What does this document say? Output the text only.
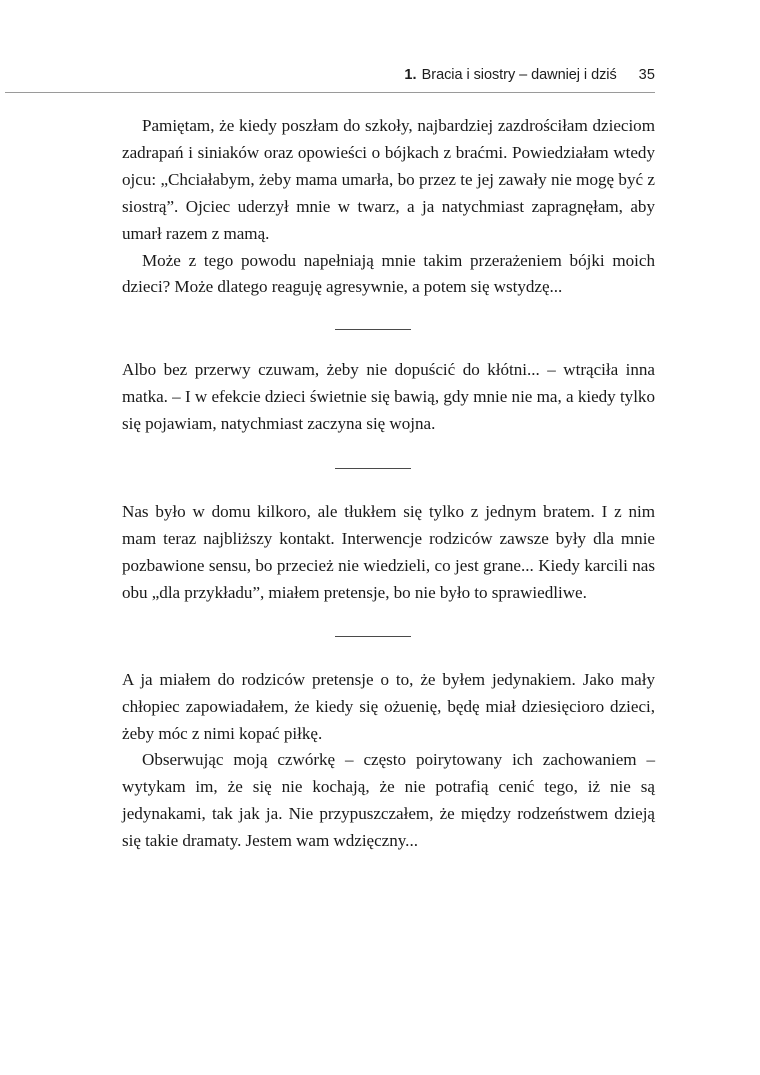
1. Bracia i siostry – dawniej i dziś 35

Pamiętam, że kiedy poszłam do szkoły, najbardziej zazdrościłam dzieciom zadrapań i siniaków oraz opowieści o bójkach z braćmi. Powiedziałam wtedy ojcu: „Chciałabym, żeby mama umarła, bo przez te jej zawały nie mogę być z siostrą”. Ojciec uderzył mnie w twarz, a ja natychmiast zapragnęłam, aby umarł razem z mamą.

Może z tego powodu napełniają mnie takim przerażeniem bójki moich dzieci? Może dlatego reaguję agresywnie, a potem się wstydzę...

Albo bez przerwy czuwam, żeby nie dopuścić do kłótni... – wtrąciła inna matka. – I w efekcie dzieci świetnie się bawią, gdy mnie nie ma, a kiedy tylko się pojawiam, natychmiast zaczyna się wojna.

Nas było w domu kilkoro, ale tłukłem się tylko z jednym bratem. I z nim mam teraz najbliższy kontakt. Interwencje rodziców zawsze były dla mnie pozbawione sensu, bo przecież nie wiedzieli, co jest grane... Kiedy karcili nas obu „dla przykładu”, miałem pretensje, bo nie było to sprawiedliwe.

A ja miałem do rodziców pretensje o to, że byłem jedynakiem. Jako mały chłopiec zapowiadałem, że kiedy się ożuenię, będę miał dziesięcioro dzieci, żeby móc z nimi kopać piłkę.

Obserwując moją czwórkę – często poirytowany ich zachowaniem – wytykam im, że się nie kochają, że nie potrafią cenić tego, iż nie są jedynakami, tak jak ja. Nie przypuszczałem, że między rodzeństwem dzieją się takie dramaty. Jestem wam wdzięczny...
